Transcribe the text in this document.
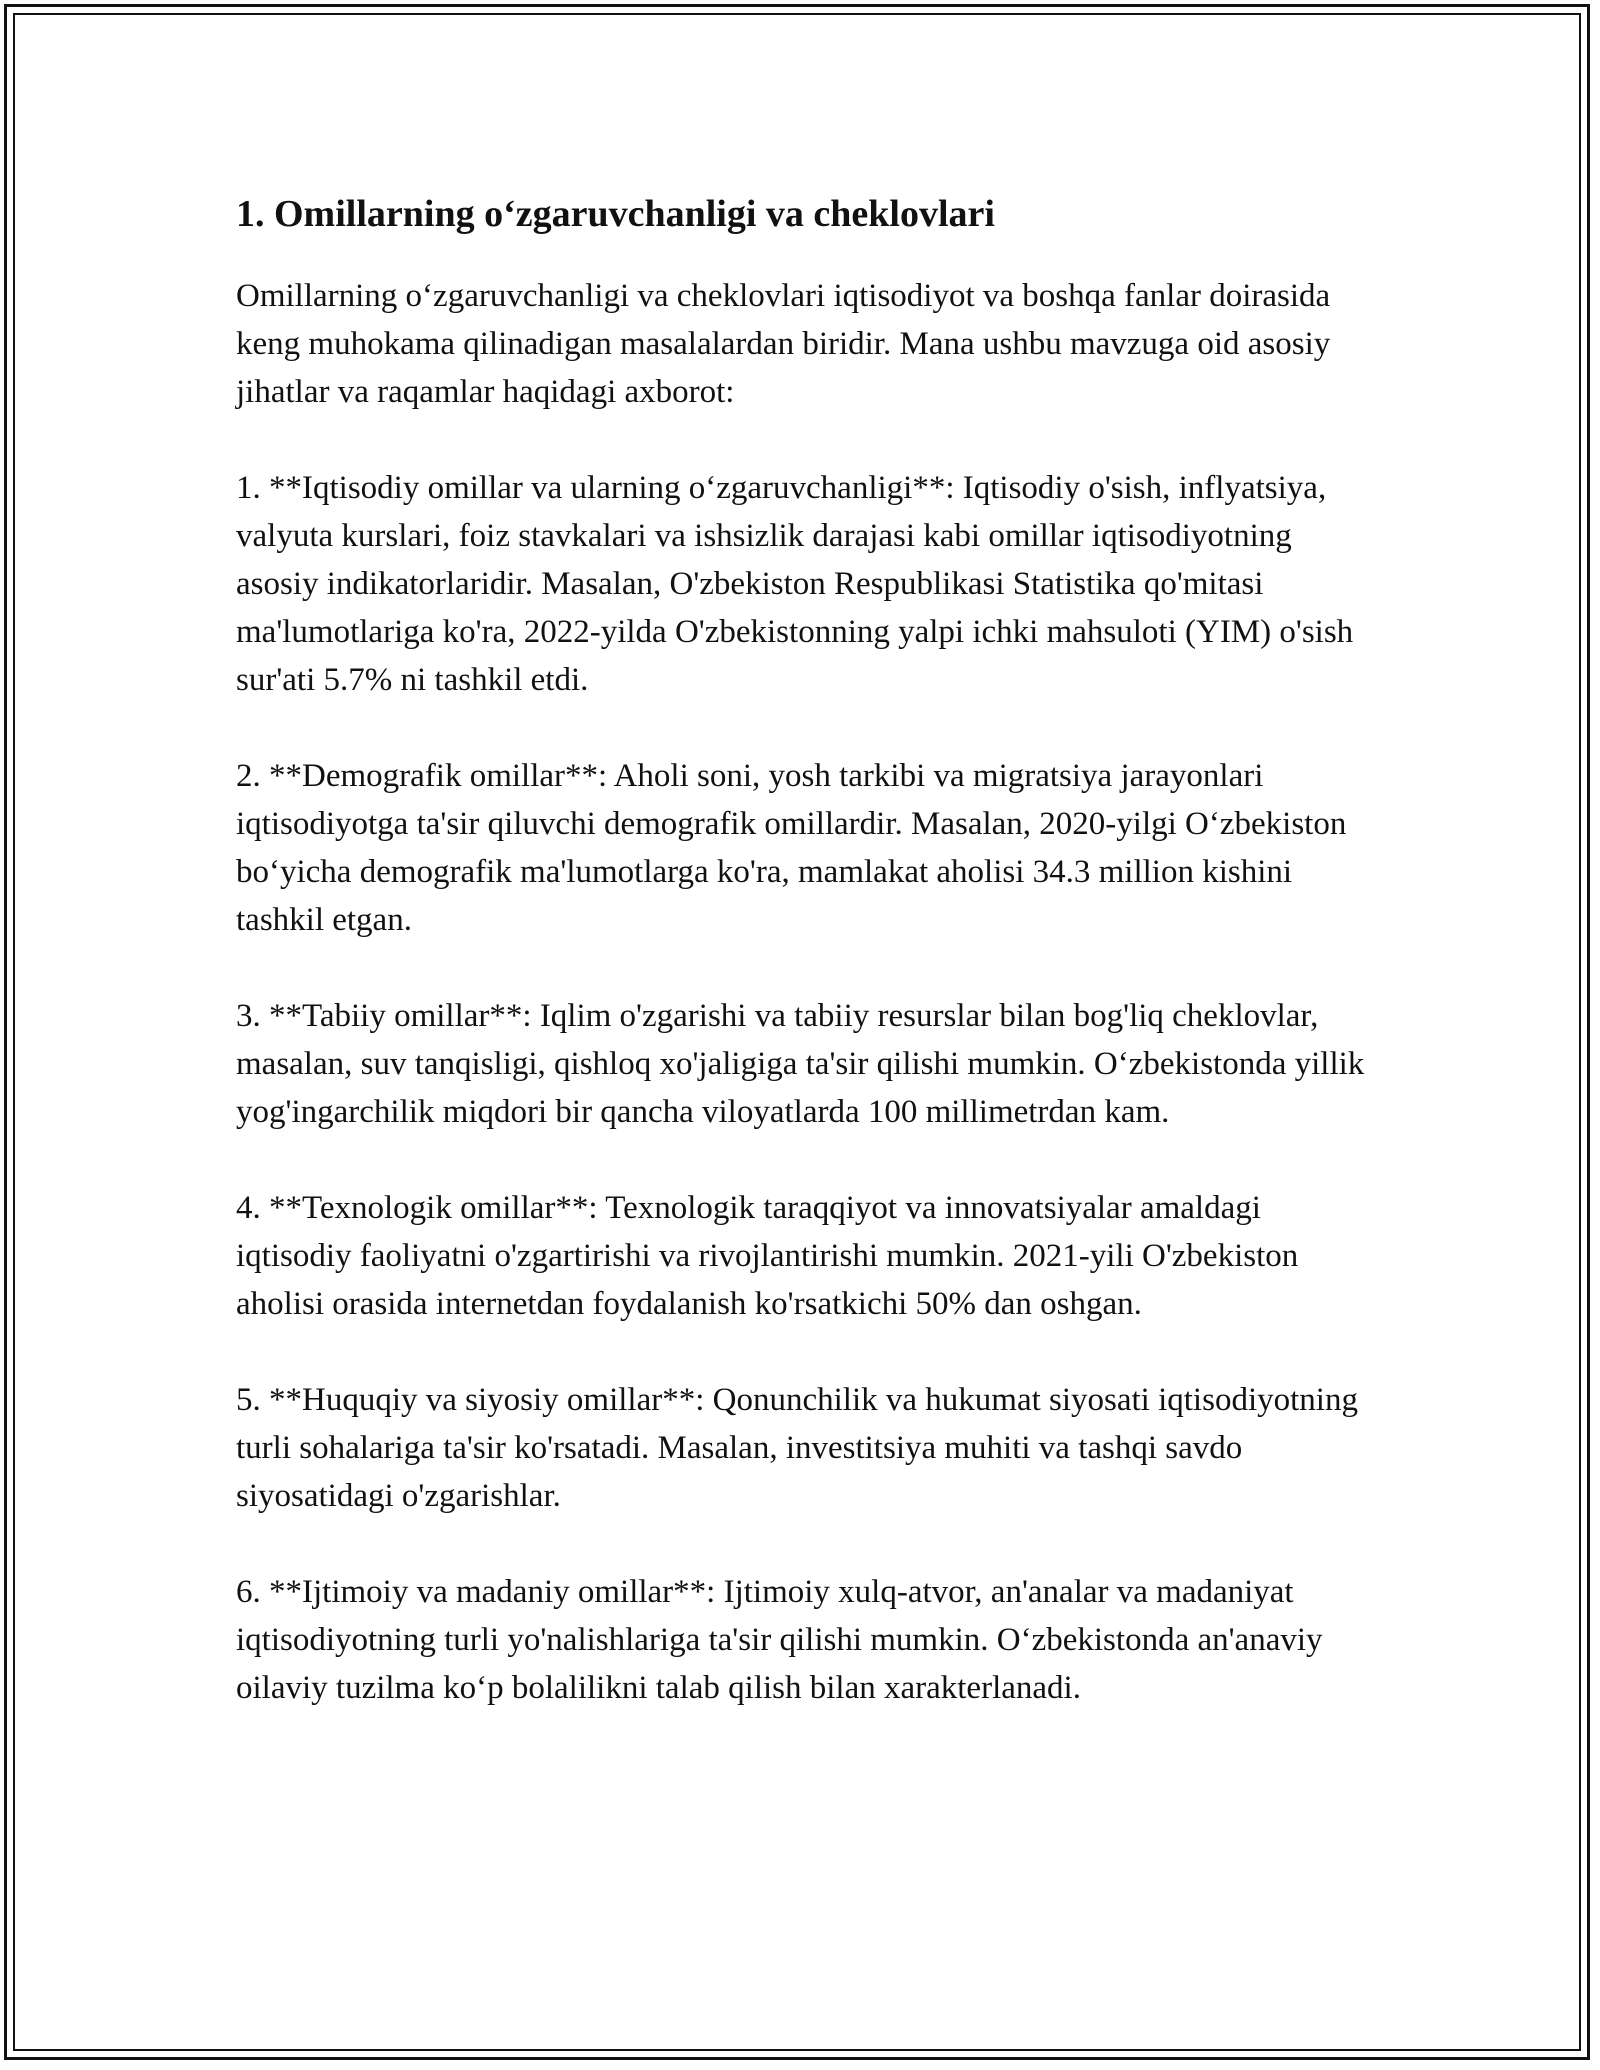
1. Omillarning o‘zgaruvchanligi va cheklovlari

Omillarning o‘zgaruvchanligi va cheklovlari iqtisodiyot va boshqa fanlar doirasida keng muhokama qilinadigan masalalardan biridir. Mana ushbu mavzuga oid asosiy jihatlar va raqamlar haqidagi axborot:

1. **Iqtisodiy omillar va ularning o‘zgaruvchanligi**: Iqtisodiy o'sish, inflyatsiya, valyuta kurslari, foiz stavkalari va ishsizlik darajasi kabi omillar iqtisodiyotning asosiy indikatorlaridir. Masalan, O'zbekiston Respublikasi Statistika qo'mitasi ma'lumotlariga ko'ra, 2022-yilda O'zbekistonning yalpi ichki mahsuloti (YIM) o'sish sur'ati 5.7% ni tashkil etdi.

2. **Demografik omillar**: Aholi soni, yosh tarkibi va migratsiya jarayonlari iqtisodiyotga ta'sir qiluvchi demografik omillardir. Masalan, 2020-yilgi O‘zbekiston bo‘yicha demografik ma'lumotlarga ko'ra, mamlakat aholisi 34.3 million kishini tashkil etgan.

3. **Tabiiy omillar**: Iqlim o'zgarishi va tabiiy resurslar bilan bog'liq cheklovlar, masalan, suv tanqisligi, qishloq xo'jaligiga ta'sir qilishi mumkin. O‘zbekistonda yillik yog'ingarchilik miqdori bir qancha viloyatlarda 100 millimetrdan kam.

4. **Texnologik omillar**: Texnologik taraqqiyot va innovatsiyalar amaldagi iqtisodiy faoliyatni o'zgartirishi va rivojlantirishi mumkin. 2021-yili O'zbekiston aholisi orasida internetdan foydalanish ko'rsatkichi 50% dan oshgan.

5. **Huquqiy va siyosiy omillar**: Qonunchilik va hukumat siyosati iqtisodiyotning turli sohalariga ta'sir ko'rsatadi. Masalan, investitsiya muhiti va tashqi savdo siyosatidagi o'zgarishlar.

6. **Ijtimoiy va madaniy omillar**: Ijtimoiy xulq-atvor, an'analar va madaniyat iqtisodiyotning turli yo'nalishlariga ta'sir qilishi mumkin. O‘zbekistonda an'anaviy oilaviy tuzilma ko‘p bolalilikni talab qilish bilan xarakterlanadi.
